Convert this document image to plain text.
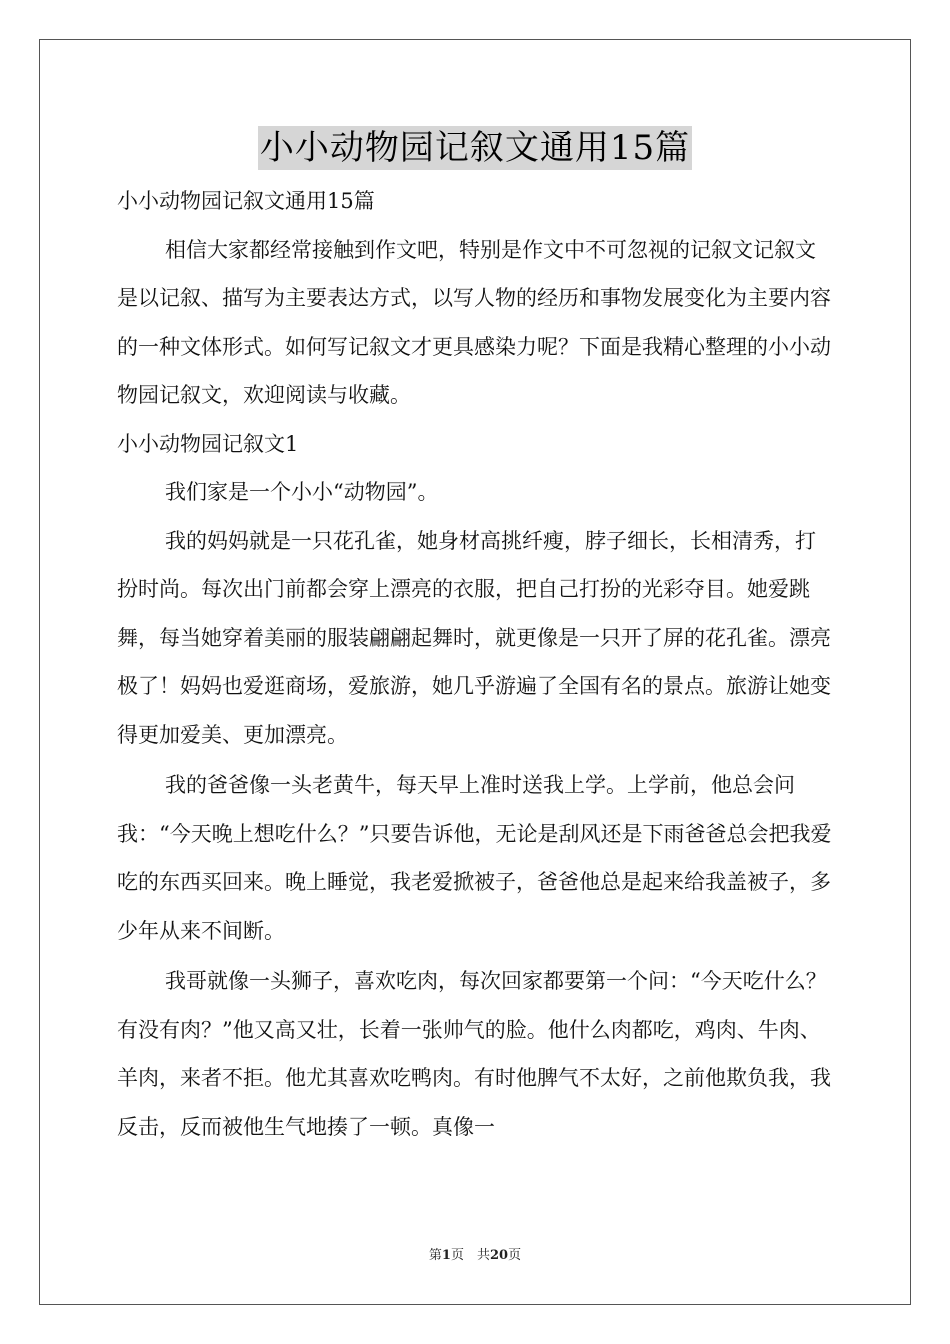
小小动物园记叙文通用15篇

小小动物园记叙文通用15篇

相信大家都经常接触到作文吧，特别是作文中不可忽视的记叙文记叙文是以记叙、描写为主要表达方式，以写人物的经历和事物发展变化为主要内容的一种文体形式。如何写记叙文才更具感染力呢？下面是我精心整理的小小动物园记叙文，欢迎阅读与收藏。

小小动物园记叙文1

我们家是一个小小“动物园”。

我的妈妈就是一只花孔雀，她身材高挑纤瘦，脖子细长，长相清秀，打扮时尚。每次出门前都会穿上漂亮的衣服，把自己打扮的光彩夺目。她爱跳舞，每当她穿着美丽的服装翩翩起舞时，就更像是一只开了屏的花孔雀。漂亮极了！妈妈也爱逛商场，爱旅游，她几乎游遍了全国有名的景点。旅游让她变得更加爱美、更加漂亮。

我的爸爸像一头老黄牛，每天早上准时送我上学。上学前，他总会问我：“今天晚上想吃什么？”只要告诉他，无论是刮风还是下雨爸爸总会把我爱吃的东西买回来。晚上睡觉，我老爱掀被子，爸爸他总是起来给我盖被子，多少年从来不间断。

我哥就像一头狮子，喜欢吃肉，每次回家都要第一个问：“今天吃什么？有没有肉？”他又高又壮，长着一张帅气的脸。他什么肉都吃，鸡肉、牛肉、羊肉，来者不拒。他尤其喜欢吃鸭肉。有时他脾气不太好，之前他欺负我，我反击，反而被他生气地揍了一顿。真像一

第1页　共20页
